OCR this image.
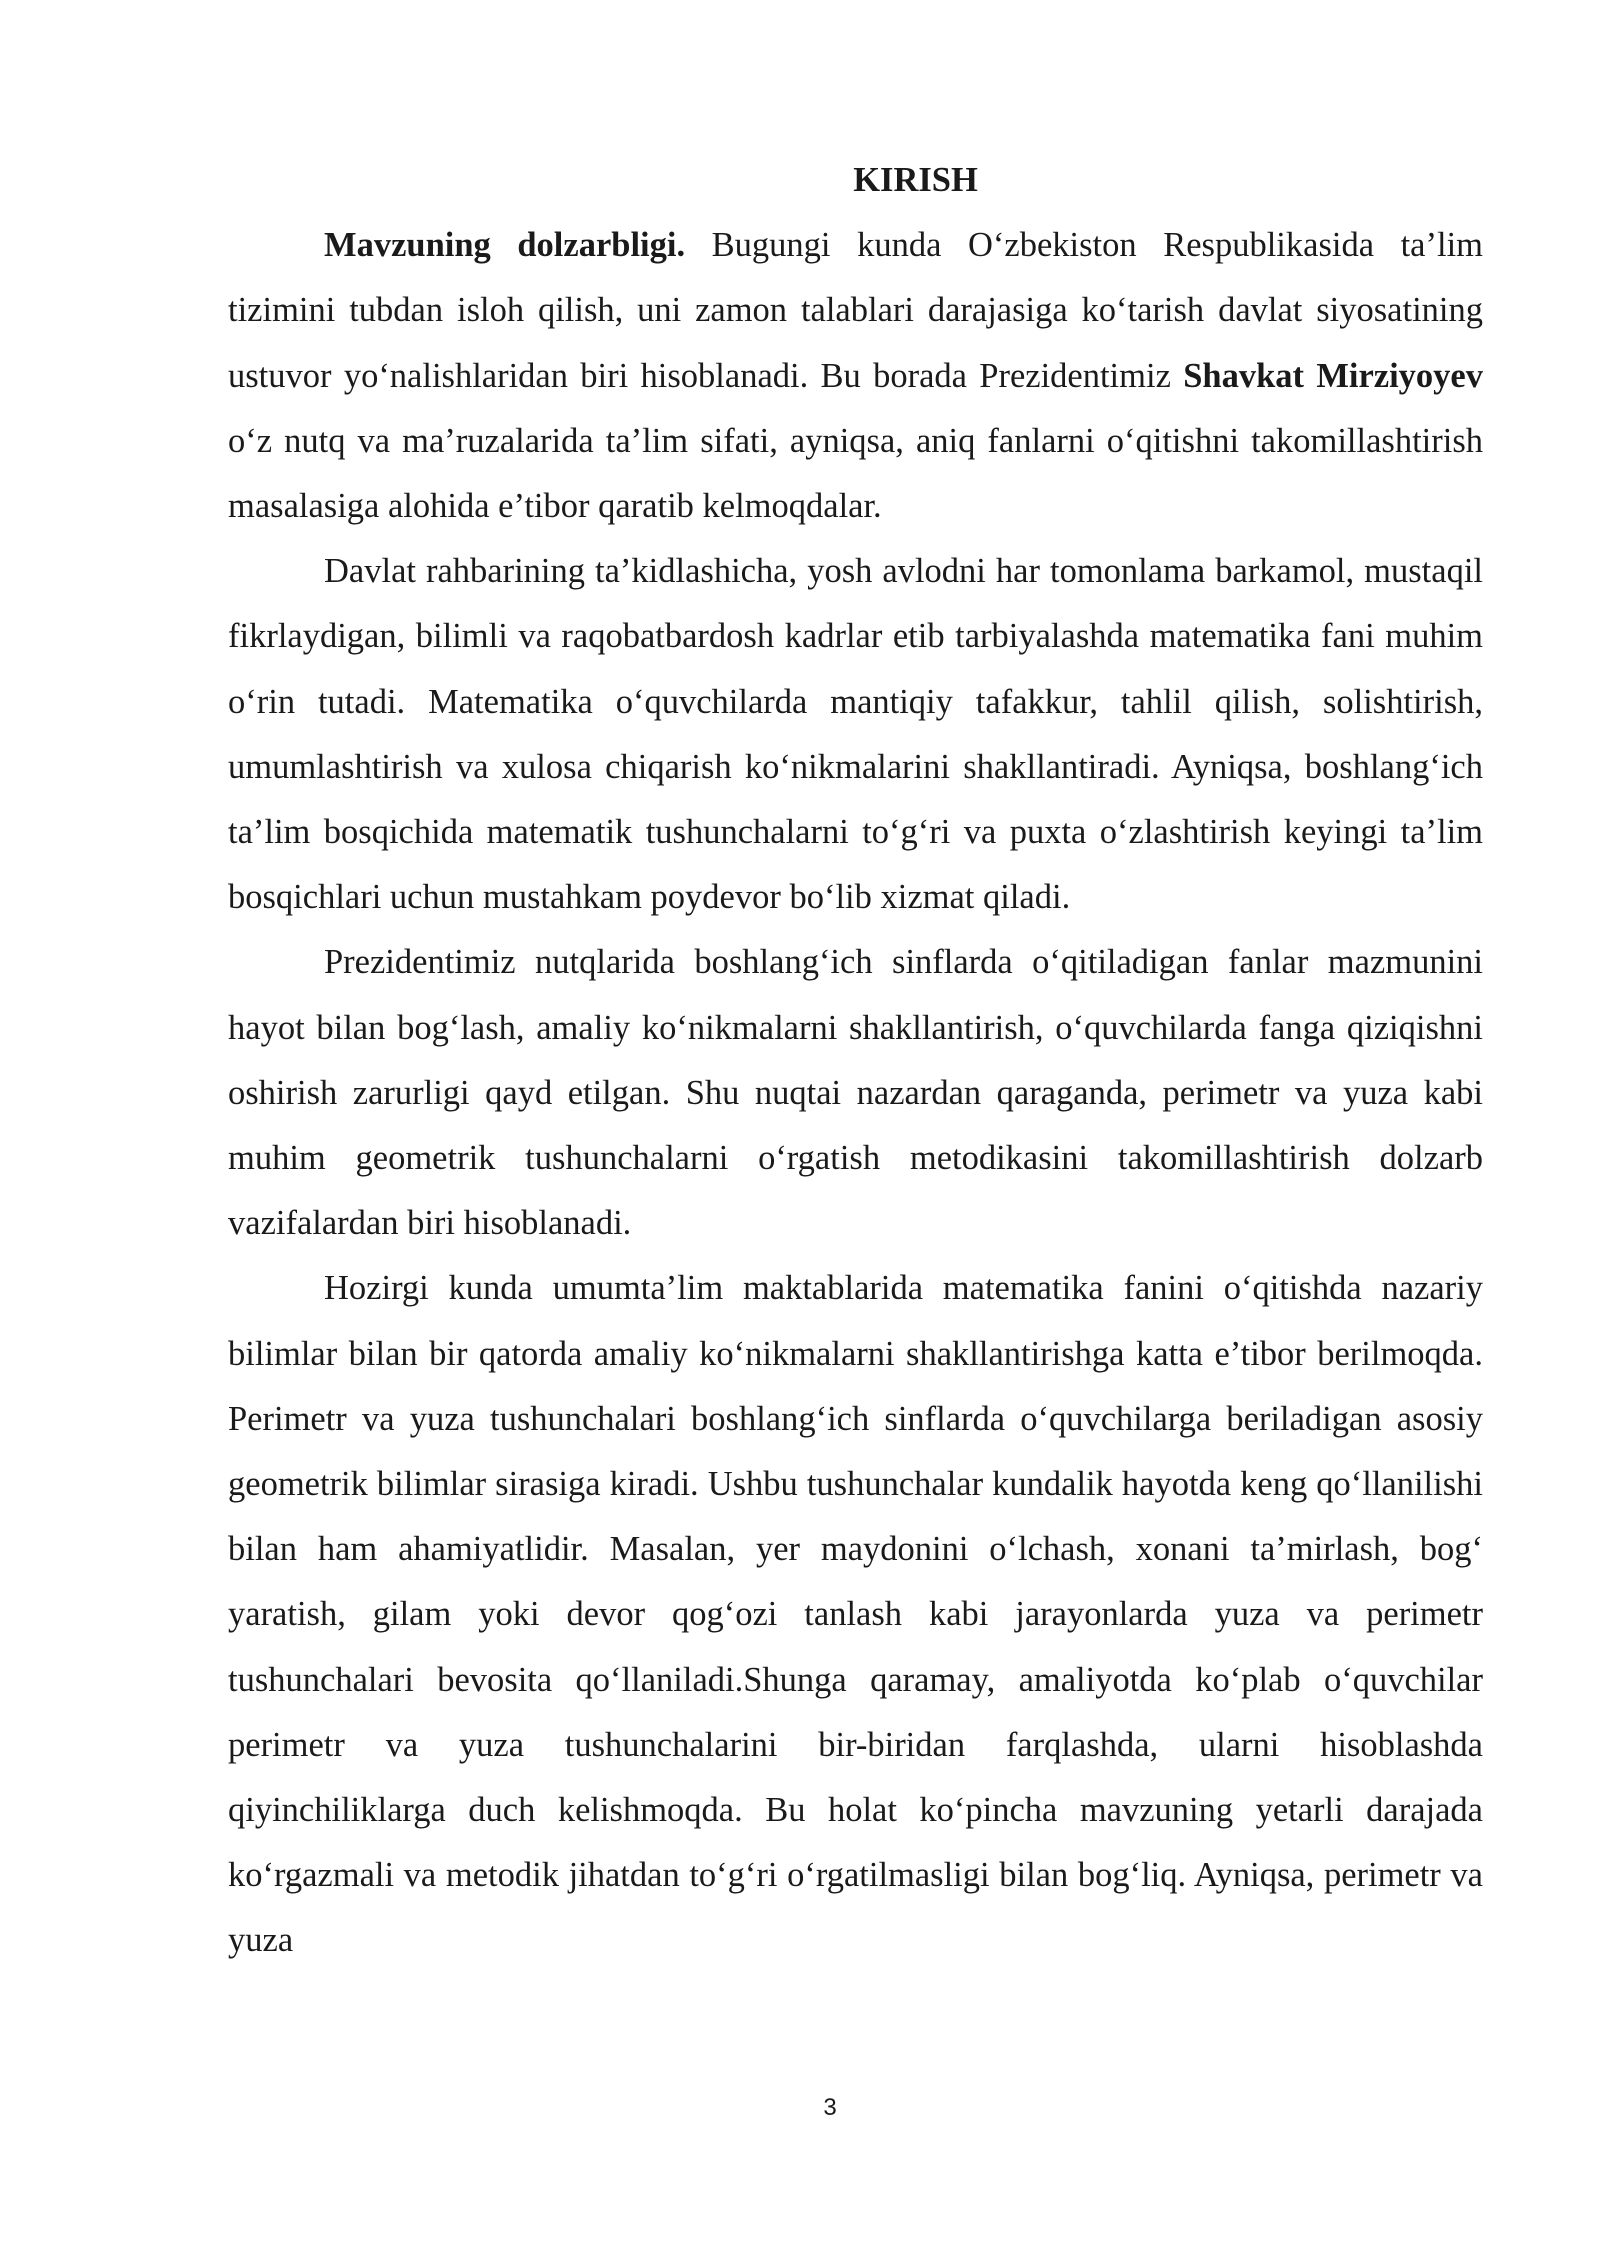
KIRISH

Mavzuning dolzarbligi. Bugungi kunda O‘zbekiston Respublikasida ta’lim tizimini tubdan isloh qilish, uni zamon talablari darajasiga ko‘tarish davlat siyosatining ustuvor yo‘nalishlaridan biri hisoblanadi. Bu borada Prezidentimiz Shavkat Mirziyoyev o‘z nutq va ma’ruzalarida ta’lim sifati, ayniqsa, aniq fanlarni o‘qitishni takomillashtirish masalasiga alohida e’tibor qaratib kelmoqdalar.

Davlat rahbarining ta’kidlashicha, yosh avlodni har tomonlama barkamol, mustaqil fikrlaydigan, bilimli va raqobatbardosh kadrlar etib tarbiyalashda matematika fani muhim o‘rin tutadi. Matematika o‘quvchilarda mantiqiy tafakkur, tahlil qilish, solishtirish, umumlashtirish va xulosa chiqarish ko‘nikmalarini shakllantiradi. Ayniqsa, boshlang‘ich ta’lim bosqichida matematik tushunchalarni to‘g‘ri va puxta o‘zlashtirish keyingi ta’lim bosqichlari uchun mustahkam poydevor bo‘lib xizmat qiladi.

Prezidentimiz nutqlarida boshlang‘ich sinflarda o‘qitiladigan fanlar mazmunini hayot bilan bog‘lash, amaliy ko‘nikmalarni shakllantirish, o‘quvchilarda fanga qiziqishni oshirish zarurligi qayd etilgan. Shu nuqtai nazardan qaraganda, perimetr va yuza kabi muhim geometrik tushunchalarni o‘rgatish metodikasini takomillashtirish dolzarb vazifalardan biri hisoblanadi.

Hozirgi kunda umumta’lim maktablarida matematika fanini o‘qitishda nazariy bilimlar bilan bir qatorda amaliy ko‘nikmalarni shakllantirishga katta e’tibor berilmoqda. Perimetr va yuza tushunchalari boshlang‘ich sinflarda o‘quvchilarga beriladigan asosiy geometrik bilimlar sirasiga kiradi. Ushbu tushunchalar kundalik hayotda keng qo‘llanilishi bilan ham ahamiyatlidir. Masalan, yer maydonini o‘lchash, xonani ta’mirlash, bog‘ yaratish, gilam yoki devor qog‘ozi tanlash kabi jarayonlarda yuza va perimetr tushunchalari bevosita qo‘llaniladi.Shunga qaramay, amaliyotda ko‘plab o‘quvchilar perimetr va yuza tushunchalarini bir-biridan farqlashda, ularni hisoblashda qiyinchiliklarga duch kelishmoqda. Bu holat ko‘pincha mavzuning yetarli darajada ko‘rgazmali va metodik jihatdan to‘g‘ri o‘rgatilmasligi bilan bog‘liq. Ayniqsa, perimetr va yuza

3
